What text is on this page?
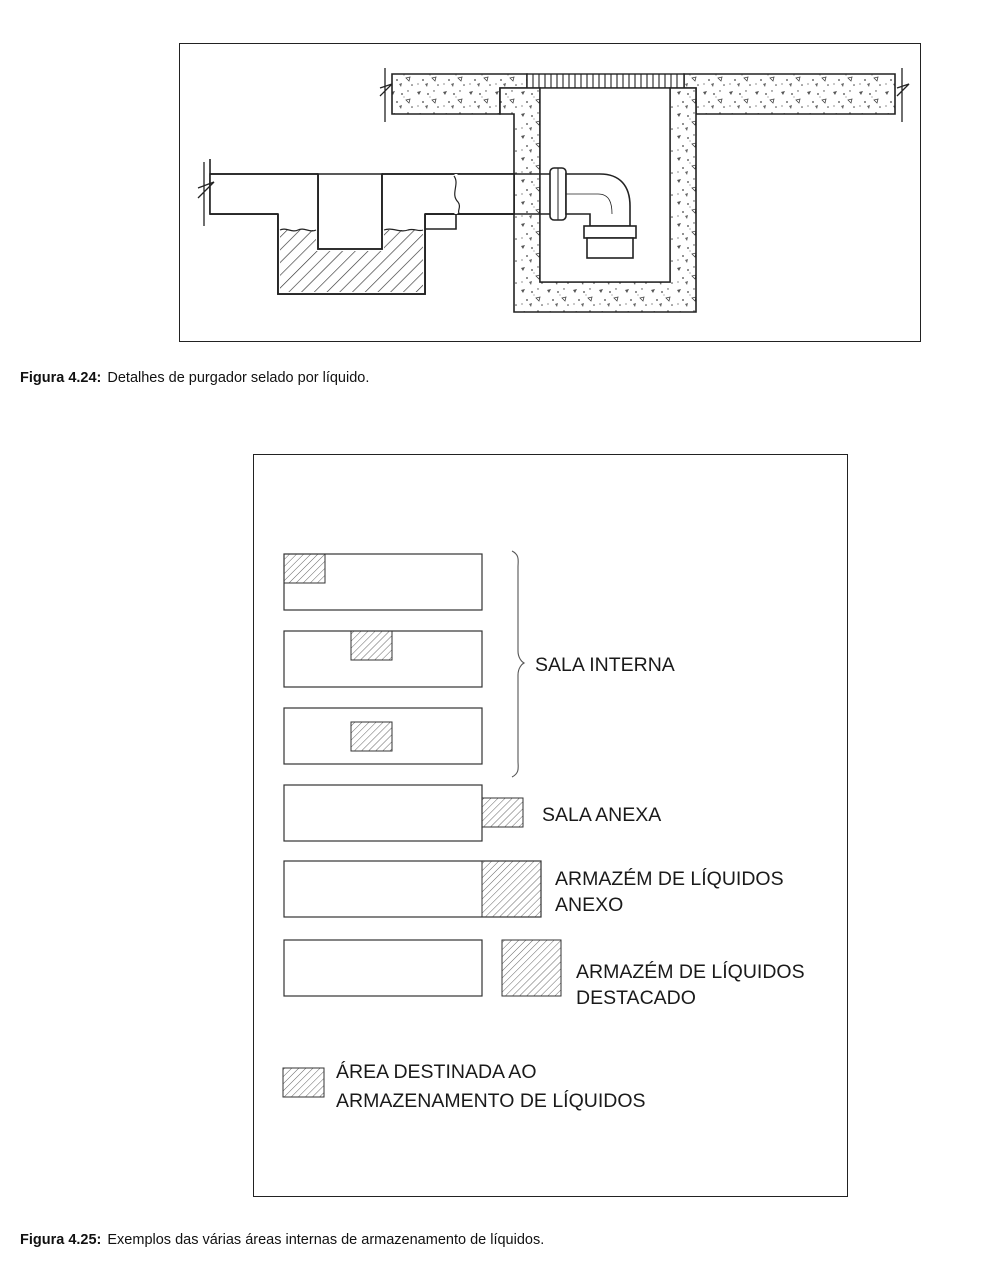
Figura 4.24: Detalhes de purgador selado por líquido.
SALA INTERNA
SALA ANEXA
ARMAZÉM DE LÍQUIDOS
ANEXO
ARMAZÉM DE LÍQUIDOS
DESTACADO
ÁREA DESTINADA AO
ARMAZENAMENTO DE LÍQUIDOS
Figura 4.25: Exemplos das várias áreas internas de armazenamento de líquidos.
